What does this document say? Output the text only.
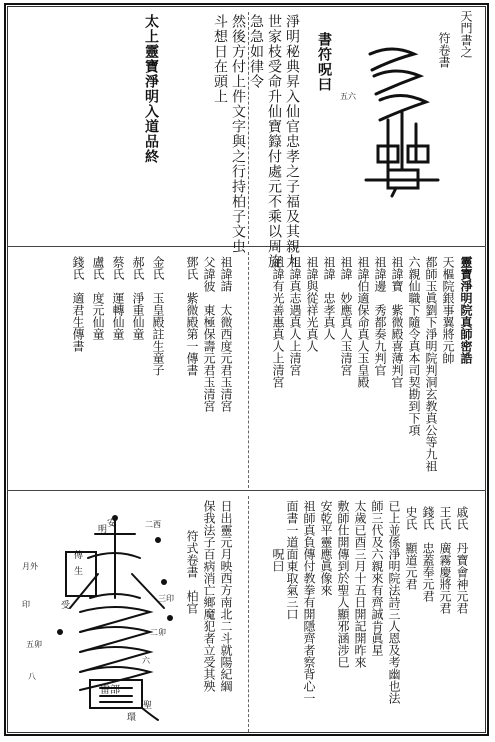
天門書之
符卷書
五六
書符呪曰
淨明秘典昇入仙官忠孝之子福及其親九
世家枝受命升仙寶籙付處元不乘以周旋
急急如律令
然後方付上件文字與之行持柏子文虫
斗想日在頭上
太上靈寶淨明入道品終
靈寶淨明院真師密誥
天樞院銀事翼將元帥
都師玉眞劉下淨明院判洞玄教真公等九祖
六親仙職下隨令真本司契勘到下項
祖諱寶　紫微殿喜薄判官
祖諱邊　秀都奏九判官
祖諱伯適保命真人玉皇殿
祖諱　妙應真人玉清宮
祖諱　忠孝真人
祖諱與從祥光真人
祖諱真志遇真人上清宮
祖諱有光善惠真人上清宮
祖諱請　太微西度元君玉清宮
父諱彼　東極保壽元君玉清宮
鄧氏　紫微殿第一傳書
金氏　玉皇殿註生童子
郝氏　淨重仙童
蔡氏　運轉仙童
盧氏　度元仙童
錢氏　適君生傳書
戚氏　丹寶會神元君
王氏　廣霧慶將元君
錢氏　忠蓋奉元君
史氏　顯道元君
已上並係淨明院法詩三人恩及考幽也法
師三代及六親來有齊誠肯眞星
太歲已酉三月十五日開記開昨來
敷師仕開傳到於聖人顯邪涵涉巳
安乾平靈應眞像來
祖師真負傳付教拳有開隱齊者察背心一
面書一道面東取氣三口
呪曰
日出靈元月映西方南北二斗就陽紀綱
保我法子百病消亡鄉魔犯者立受其殃
符式卷書　柏官
明
傳
生
安
受
聖
環
月外
二西
三印
印
二卯
五卯
六
八
雷部
